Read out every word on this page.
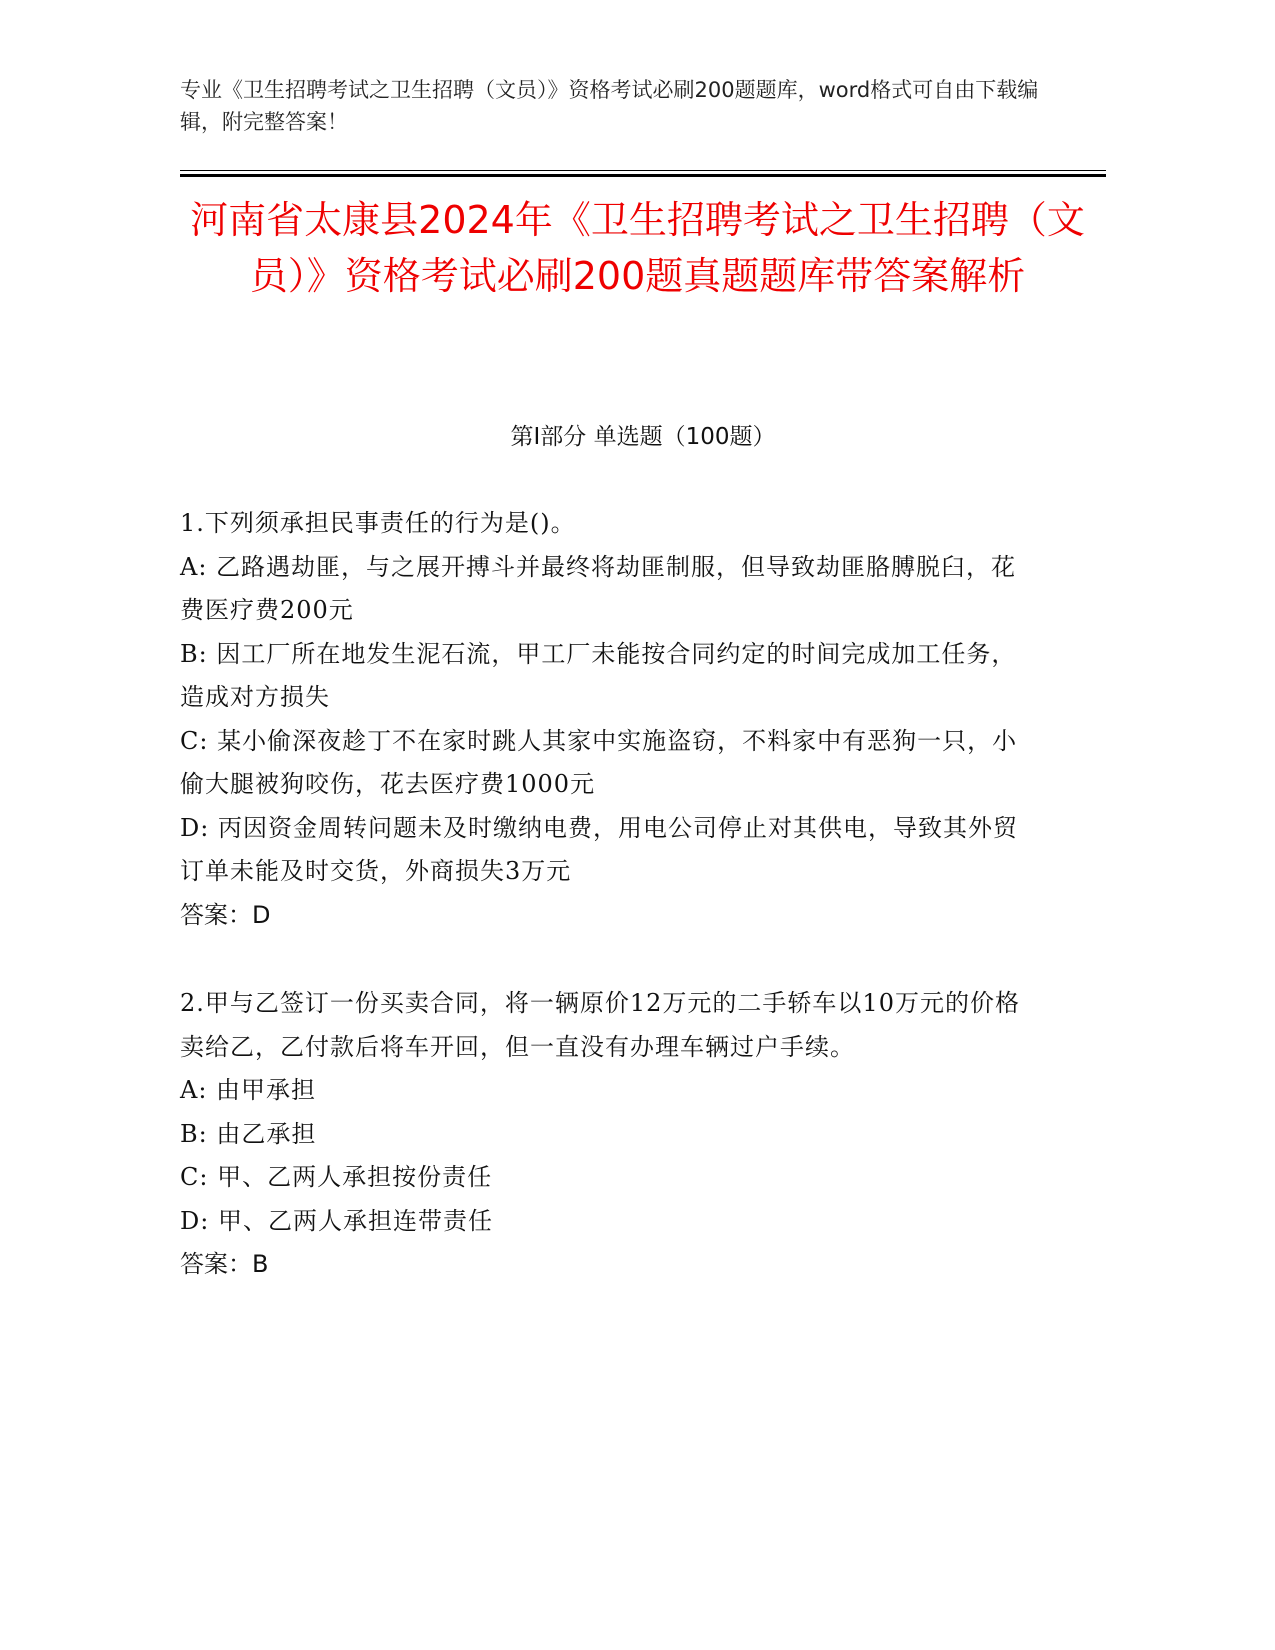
专业《卫生招聘考试之卫生招聘（文员）》资格考试必刷200题题库，word格式可自由下载编辑，附完整答案！

河南省太康县2024年《卫生招聘考试之卫生招聘（文员）》资格考试必刷200题真题题库带答案解析
第Ⅰ部分 单选题（100题）

1.下列须承担民事责任的行为是()。

A: 乙路遇劫匪，与之展开搏斗并最终将劫匪制服，但导致劫匪胳膊脱臼，花费医疗费200元

B: 因工厂所在地发生泥石流，甲工厂未能按合同约定的时间完成加工任务，造成对方损失

C: 某小偷深夜趁丁不在家时跳人其家中实施盗窃，不料家中有恶狗一只，小偷大腿被狗咬伤，花去医疗费1000元

D: 丙因资金周转问题未及时缴纳电费，用电公司停止对其供电，导致其外贸订单未能及时交货，外商损失3万元

答案：D

2.甲与乙签订一份买卖合同，将一辆原价12万元的二手轿车以10万元的价格卖给乙，乙付款后将车开回，但一直没有办理车辆过户手续。

A: 由甲承担

B: 由乙承担

C: 甲、乙两人承担按份责任

D: 甲、乙两人承担连带责任

答案：B
